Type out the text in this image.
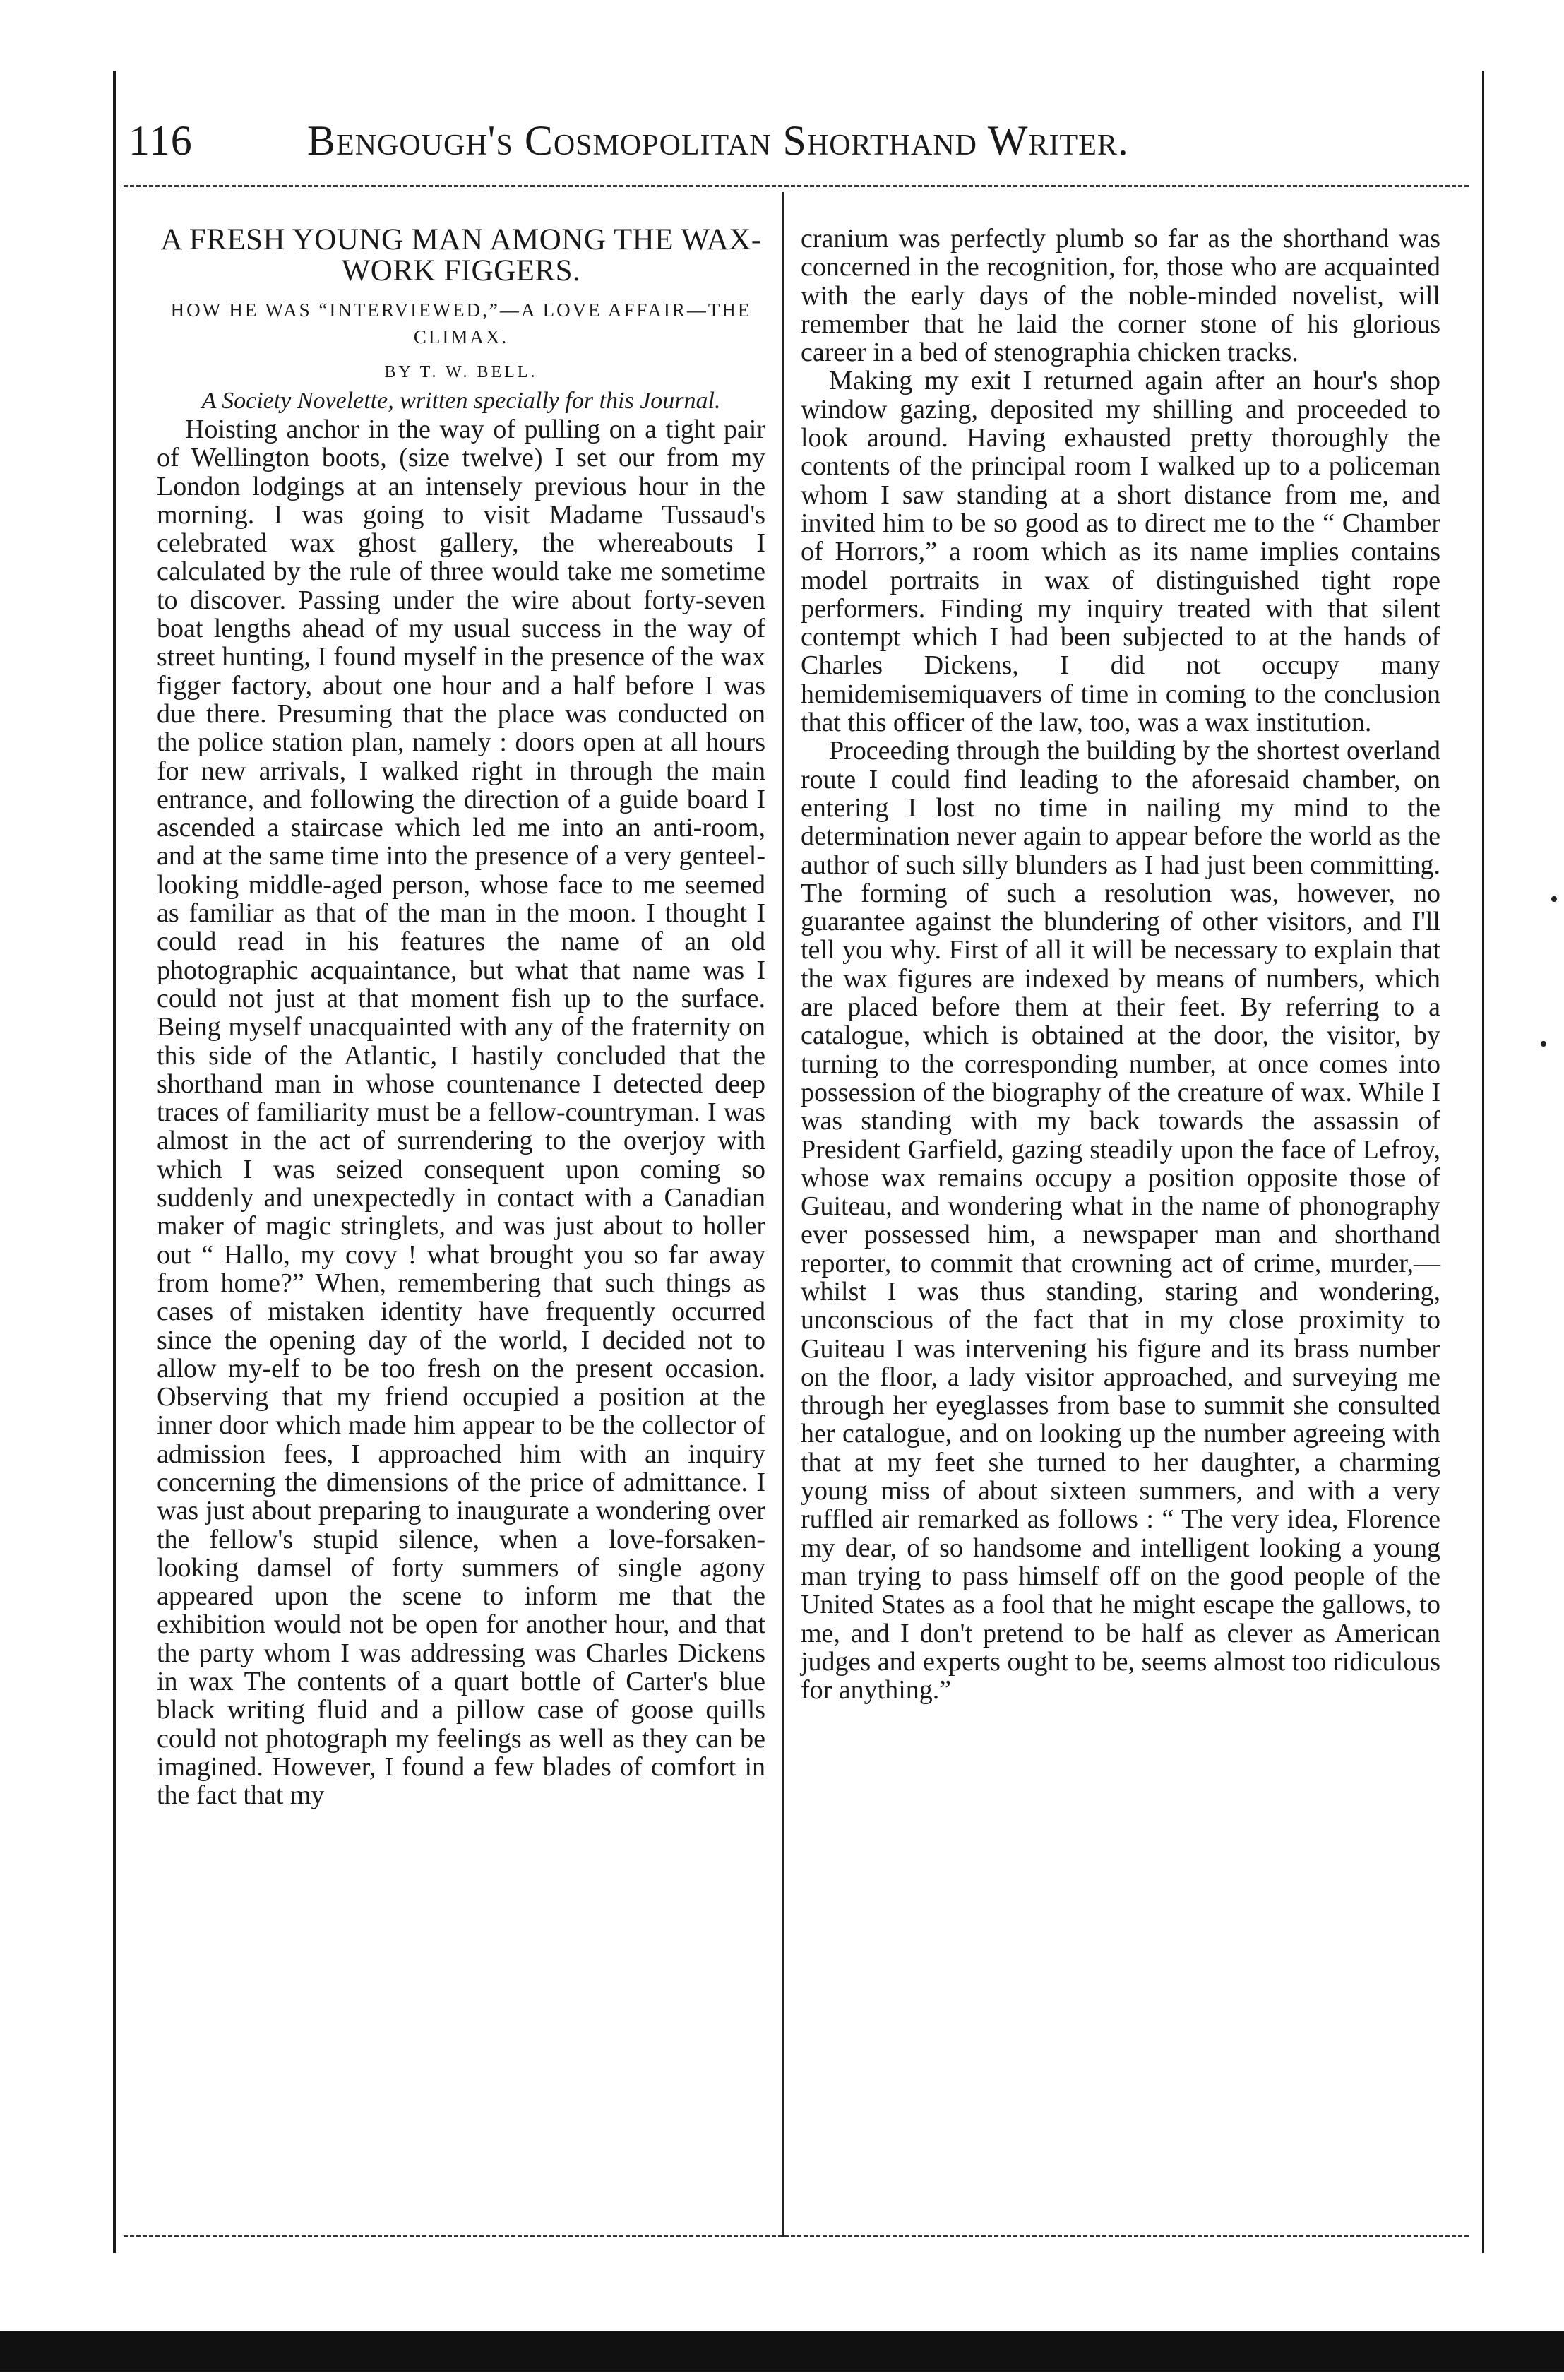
116	Bengough's Cosmopolitan Shorthand Writer.
A FRESH YOUNG MAN AMONG THE WAX-WORK FIGGERS.
HOW HE WAS “INTERVIEWED,”—A LOVE AFFAIR—THE CLIMAX.
BY T. W. BELL.
A Society Novelette, written specially for this Journal.

Hoisting anchor in the way of pulling on a tight pair of Wellington boots, (size twelve) I set our from my London lodgings at an intensely previous hour in the morning. I was going to visit Madame Tussaud's celebrated wax ghost gallery, the whereabouts I calculated by the rule of three would take me sometime to discover. Passing under the wire about forty-seven boat lengths ahead of my usual success in the way of street hunting, I found myself in the presence of the wax figger factory, about one hour and a half before I was due there. Presuming that the place was conducted on the police station plan, namely : doors open at all hours for new arrivals, I walked right in through the main entrance, and following the direction of a guide board I ascended a staircase which led me into an anti-room, and at the same time into the presence of a very genteel-looking middle-aged person, whose face to me seemed as familiar as that of the man in the moon. I thought I could read in his features the name of an old photographic acquaintance, but what that name was I could not just at that moment fish up to the surface. Being myself unacquainted with any of the fraternity on this side of the Atlantic, I hastily concluded that the shorthand man in whose countenance I detected deep traces of familiarity must be a fellow-countryman. I was almost in the act of surrendering to the overjoy with which I was seized consequent upon coming so suddenly and unexpectedly in contact with a Canadian maker of magic stringlets, and was just about to holler out “ Hallo, my covy ! what brought you so far away from home?” When, remembering that such things as cases of mistaken identity have frequently occurred since the opening day of the world, I decided not to allow my-elf to be too fresh on the present occasion. Observing that my friend occupied a position at the inner door which made him appear to be the collector of admission fees, I approached him with an inquiry concerning the dimensions of the price of admittance. I was just about preparing to inaugurate a wondering over the fellow's stupid silence, when a love-forsaken-looking damsel of forty summers of single agony appeared upon the scene to inform me that the exhibition would not be open for another hour, and that the party whom I was addressing was Charles Dickens in wax The contents of a quart bottle of Carter's blue black writing fluid and a pillow case of goose quills could not photograph my feelings as well as they can be imagined. However, I found a few blades of comfort in the fact that my

cranium was perfectly plumb so far as the shorthand was concerned in the recognition, for, those who are acquainted with the early days of the noble-minded novelist, will remember that he laid the corner stone of his glorious career in a bed of stenographia chicken tracks.

Making my exit I returned again after an hour's shop window gazing, deposited my shilling and proceeded to look around. Having exhausted pretty thoroughly the contents of the principal room I walked up to a policeman whom I saw standing at a short distance from me, and invited him to be so good as to direct me to the “ Chamber of Horrors,” a room which as its name implies contains model portraits in wax of distinguished tight rope performers. Finding my inquiry treated with that silent contempt which I had been subjected to at the hands of Charles Dickens, I did not occupy many hemidemisemiquavers of time in coming to the conclusion that this officer of the law, too, was a wax institution.

Proceeding through the building by the shortest overland route I could find leading to the aforesaid chamber, on entering I lost no time in nailing my mind to the determination never again to appear before the world as the author of such silly blunders as I had just been committing. The forming of such a resolution was, however, no guarantee against the blundering of other visitors, and I'll tell you why. First of all it will be necessary to explain that the wax figures are indexed by means of numbers, which are placed before them at their feet. By referring to a catalogue, which is obtained at the door, the visitor, by turning to the corresponding number, at once comes into possession of the biography of the creature of wax. While I was standing with my back towards the assassin of President Garfield, gazing steadily upon the face of Lefroy, whose wax remains occupy a position opposite those of Guiteau, and wondering what in the name of phonography ever possessed him, a newspaper man and shorthand reporter, to commit that crowning act of crime, murder,—whilst I was thus standing, staring and wondering, unconscious of the fact that in my close proximity to Guiteau I was intervening his figure and its brass number on the floor, a lady visitor approached, and surveying me through her eyeglasses from base to summit she consulted her catalogue, and on looking up the number agreeing with that at my feet she turned to her daughter, a charming young miss of about sixteen summers, and with a very ruffled air remarked as follows : “ The very idea, Florence my dear, of so handsome and intelligent looking a young man trying to pass himself off on the good people of the United States as a fool that he might escape the gallows, to me, and I don't pretend to be half as clever as American judges and experts ought to be, seems almost too ridiculous for anything.”

•
•
